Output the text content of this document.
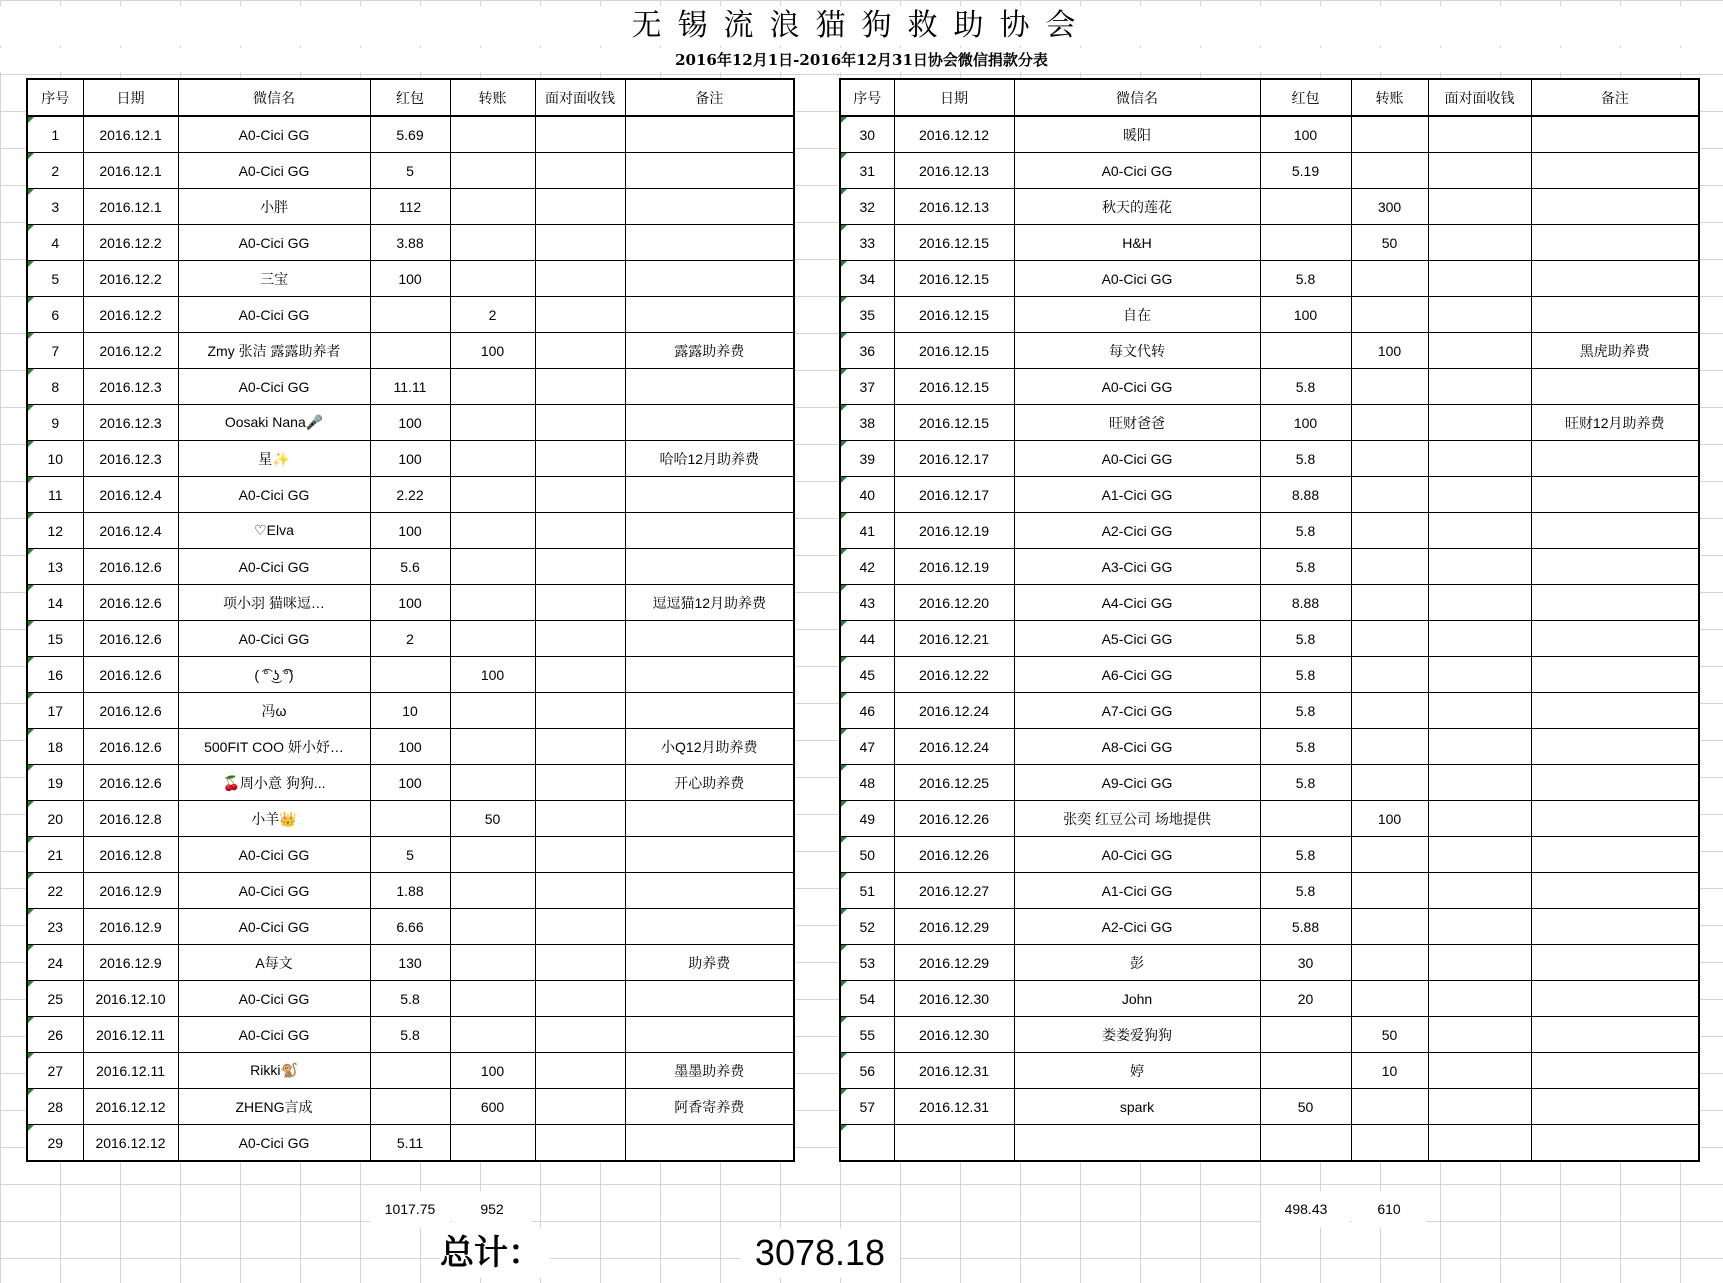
无锡流浪猫狗救助协会
2016年12月1日-2016年12月31日协会微信捐款分表
序号	日期	微信名	红包	转账	面对面收钱	备注
1	2016.12.1	A0-Cici GG	5.69			
2	2016.12.1	A0-Cici GG	5			
3	2016.12.1	小胖	112			
4	2016.12.2	A0-Cici GG	3.88			
5	2016.12.2	三宝	100			
6	2016.12.2	A0-Cici GG		2		
7	2016.12.2	Zmy 张洁 露露助养者		100		露露助养费
8	2016.12.3	A0-Cici GG	11.11			
9	2016.12.3	Oosaki Nana🎤	100			
10	2016.12.3	星✨	100			哈哈12月助养费
11	2016.12.4	A0-Cici GG	2.22			
12	2016.12.4	♡Elva	100			
13	2016.12.6	A0-Cici GG	5.6			
14	2016.12.6	项小羽 猫咪逗…	100			逗逗猫12月助养费
15	2016.12.6	A0-Cici GG	2			
16	2016.12.6	( ͡° ͜ʖ ͡°)		100		
17	2016.12.6	冯ω	10			
18	2016.12.6	500FIT COO 妍小妤…	100			小Q12月助养费
19	2016.12.6	🍒周小意 狗狗...	100			开心助养费
20	2016.12.8	小羊👑		50		
21	2016.12.8	A0-Cici GG	5			
22	2016.12.9	A0-Cici GG	1.88			
23	2016.12.9	A0-Cici GG	6.66			
24	2016.12.9	A每文	130			助养费
25	2016.12.10	A0-Cici GG	5.8			
26	2016.12.11	A0-Cici GG	5.8			
27	2016.12.11	Rikki🐒		100		墨墨助养费
28	2016.12.12	ZHENG言成		600		阿香寄养费
29	2016.12.12	A0-Cici GG	5.11			
序号	日期	微信名	红包	转账	面对面收钱	备注
30	2016.12.12	暖阳	100			
31	2016.12.13	A0-Cici GG	5.19			
32	2016.12.13	秋天的莲花		300		
33	2016.12.15	H&H		50		
34	2016.12.15	A0-Cici GG	5.8			
35	2016.12.15	自在	100			
36	2016.12.15	每文代转		100		黑虎助养费
37	2016.12.15	A0-Cici GG	5.8			
38	2016.12.15	旺财爸爸	100			旺财12月助养费
39	2016.12.17	A0-Cici GG	5.8			
40	2016.12.17	A1-Cici GG	8.88			
41	2016.12.19	A2-Cici GG	5.8			
42	2016.12.19	A3-Cici GG	5.8			
43	2016.12.20	A4-Cici GG	8.88			
44	2016.12.21	A5-Cici GG	5.8			
45	2016.12.22	A6-Cici GG	5.8			
46	2016.12.24	A7-Cici GG	5.8			
47	2016.12.24	A8-Cici GG	5.8			
48	2016.12.25	A9-Cici GG	5.8			
49	2016.12.26	张奕 红豆公司 场地提供		100		
50	2016.12.26	A0-Cici GG	5.8			
51	2016.12.27	A1-Cici GG	5.8			
52	2016.12.29	A2-Cici GG	5.88			
53	2016.12.29	彭	30			
54	2016.12.30	John	20			
55	2016.12.30	娄娄爱狗狗		50		
56	2016.12.31	婷		10		
57	2016.12.31	spark	50			

1017.75	952	498.43	610
总计：	3078.18
